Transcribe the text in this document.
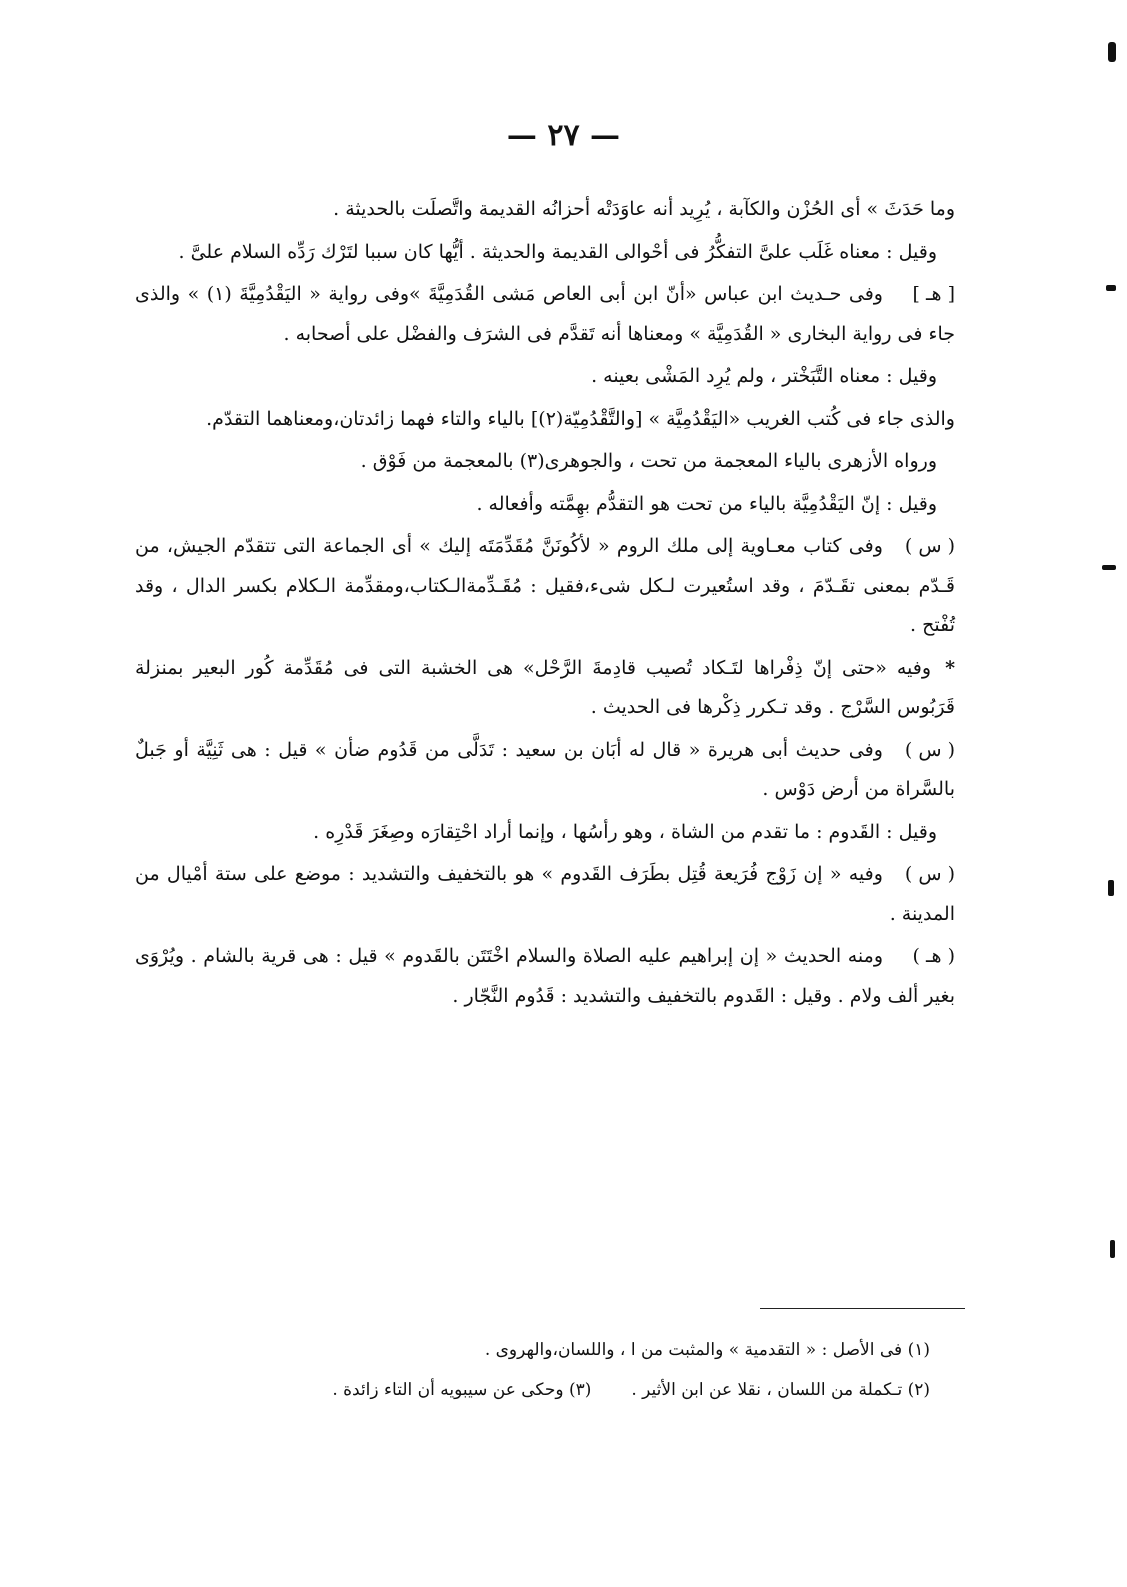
— ٢٧ —

وما حَدَثَ » أى الحُزْن والكآبة ، يُرِيد أنه عاوَدَتْه أحزانُه القديمة واتَّصلَت بالحديثة .

وقيل : معناه غَلَب علىَّ التفكُّرُ فى أحْوالى القديمة والحديثة . أيُّها كان سببا لتَرْك رَدِّه السلام علىَّ .

[ هـ ]وفى حـديث ابن عباس «أنّ ابن أبى العاص مَشى القُدَمِيَّةَ »وفى رواية « اليَقْدُمِيَّةَ (١) » والذى جاء فى رواية البخارى « القُدَمِيَّة » ومعناها أنه تَقدَّم فى الشرَف والفضْل على أصحابه .

وقيل : معناه التَّبَخْتر ، ولم يُرِد المَشْى بعينه .

والذى جاء فى كُتب الغريب «اليَقْدُمِيَّة » [والتَّقْدُمِيّة(٢)] بالياء والتاء فهما زائدتان،ومعناهما التقدّم.

ورواه الأزهرى بالياء المعجمة من تحت ، والجوهرى(٣) بالمعجمة من فَوْق .

وقيل : إنّ اليَقْدُمِيَّة بالياء من تحت هو التقدُّم بهِمَّته وأفعاله .

( س )وفى كتاب معـاوية إلى ملك الروم « لأكُونَنَّ مُقَدِّمَتَه إليك » أى الجماعة التى تتقدّم الجيش، من قَـدّم بمعنى تقَـدّمَ ، وقد استُعيرت لـكل شىء،فقيل : مُقَـدِّمةالـكتاب،ومقدِّمة الـكلام بكسر الدال ، وقد تُفْتح .

*وفيه «حتى إنّ ذِفْراها لتَـكاد تُصيب قادِمةَ الرَّحْل» هى الخشبة التى فى مُقَدِّمة كُور البعير بمنزلة قَرَبُوس السَّرْج . وقد تـكرر ذِكْرها فى الحديث .

( س )وفى حديث أبى هريرة « قال له أبَان بن سعيد : تَدَلَّى من قَدُوم ضأن » قيل : هى ثَنِيَّة أو جَبلٌ بالسَّراة من أرض دَوْس .

وقيل : القَدوم : ما تقدم من الشاة ، وهو رأسُها ، وإنما أراد احْتِقارَه وصِغَرَ قَدْرِه .

( س )وفيه « إن زَوْج فُرَيعة قُتِل بطَرَف القَدوم » هو بالتخفيف والتشديد : موضع على ستة أمْيال من المدينة .

( هـ )ومنه الحديث « إن إبراهيم عليه الصلاة والسلام اخْتَتَن بالقَدوم » قيل : هى قرية بالشام . ويُرْوَى بغير ألف ولام . وقيل : القَدوم بالتخفيف والتشديد : قَدُوم النَّجّار .

(١) فى الأصل : « التقدمية » والمثبت من ا ، واللسان،والهروى .
(٢) تـكملة من اللسان ، نقلا عن ابن الأثير .(٣) وحكى عن سيبويه أن التاء زائدة .
